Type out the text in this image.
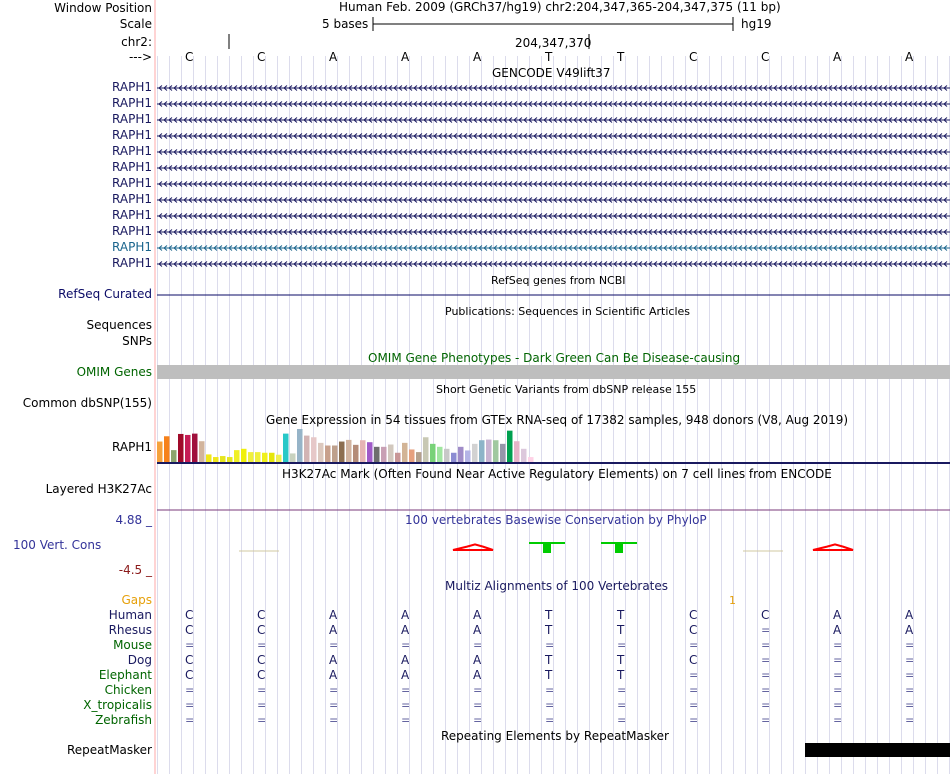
Window Position
Scale
chr2:
--->
RAPH1
RAPH1
RAPH1
RAPH1
RAPH1
RAPH1
RAPH1
RAPH1
RAPH1
RAPH1
RAPH1
RAPH1
RefSeq Curated
Sequences
SNPs
OMIM Genes
Common dbSNP(155)
RAPH1
Layered H3K27Ac
4.88 _
100 Vert. Cons
-4.5 _
Gaps
Human	C	C	A	A	A	T	T	C	C	A	A
Rhesus	C	C	A	A	A	T	T	C	=	A	A
Mouse	=	=	=	=	=	=	=	=	=	=	=
Dog	C	C	A	A	A	T	T	C	=	=	=
Elephant	C	C	A	A	A	T	T	=	=	=	=
Chicken	=	=	=	=	=	=	=	=	=	=	=
X_tropicalis	=	=	=	=	=	=	=	=	=	=	=
Zebrafish	=	=	=	=	=	=	=	=	=	=	=
RepeatMasker
Human Feb. 2009 (GRCh37/hg19) chr2:204,347,365-204,347,375 (11 bp)
5 bases	hg19
204,347,370
C	C	A	A	A	T	T	C	C	A	A
GENCODE V49lift37
RefSeq genes from NCBI
Publications: Sequences in Scientific Articles
OMIM Gene Phenotypes - Dark Green Can Be Disease-causing
Short Genetic Variants from dbSNP release 155
Gene Expression in 54 tissues from GTEx RNA-seq of 17382 samples, 948 donors (V8, Aug 2019)
H3K27Ac Mark (Often Found Near Active Regulatory Elements) on 7 cell lines from ENCODE
100 vertebrates Basewise Conservation by PhyloP
Multiz Alignments of 100 Vertebrates
1
Repeating Elements by RepeatMasker
